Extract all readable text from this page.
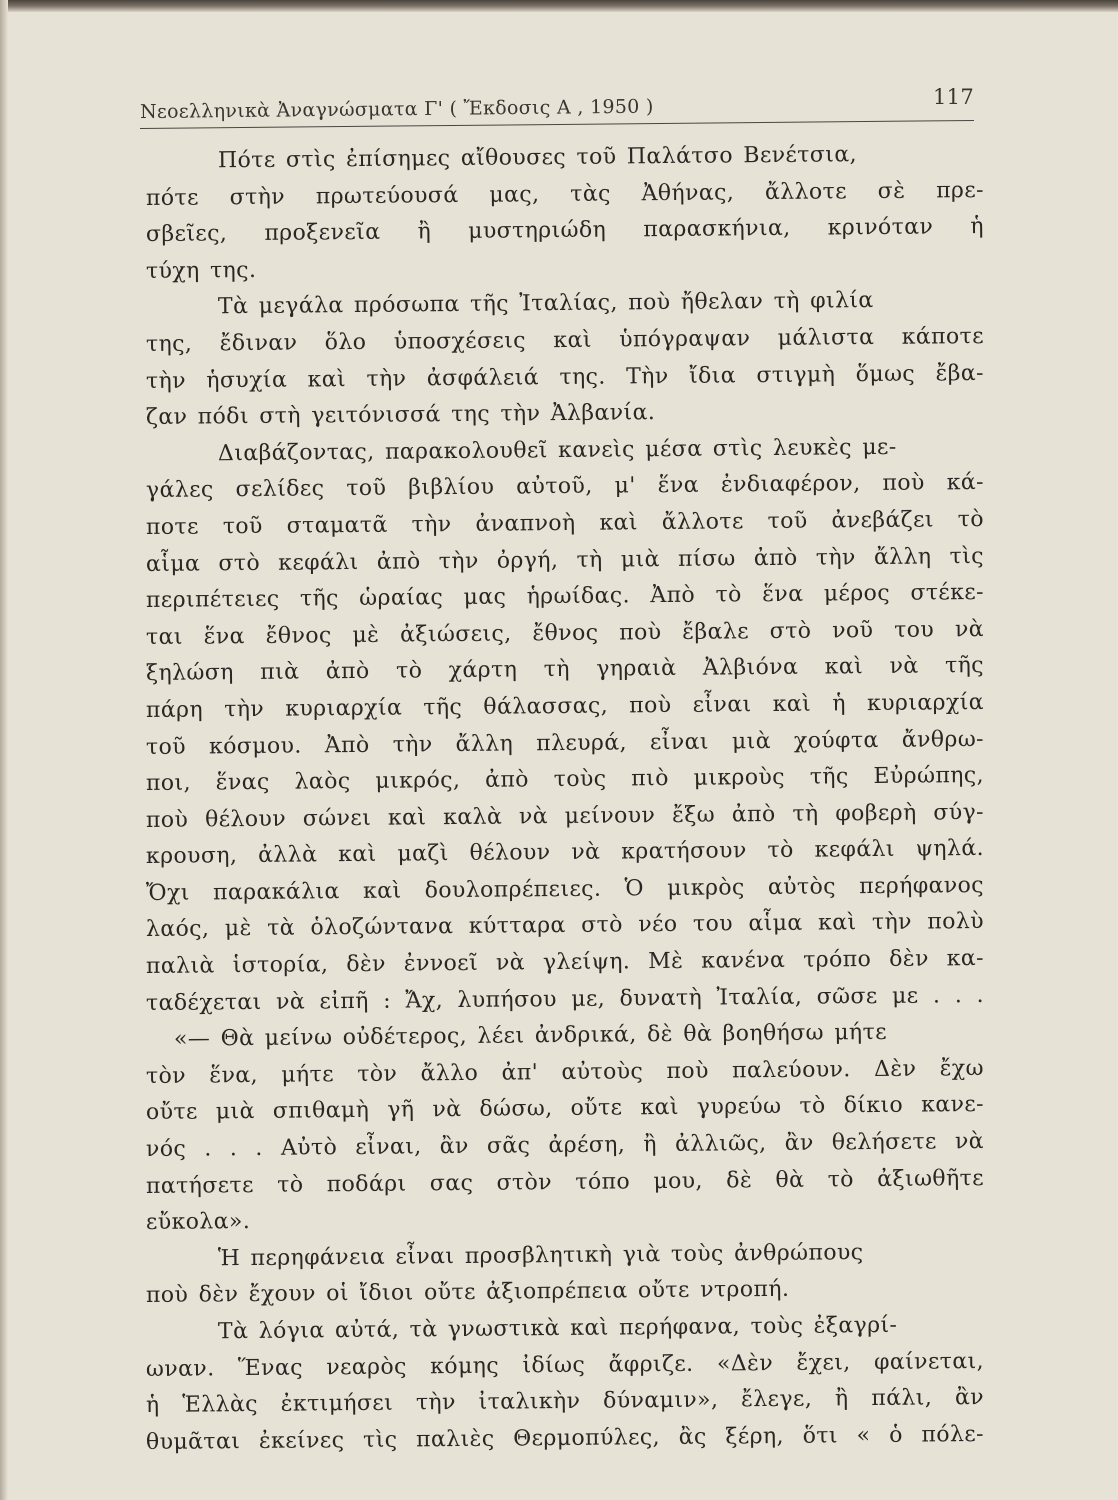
Νεοελληνικὰ Ἀναγνώσματα Γ' ( Ἔκδοσις Α , 1950 )	117
Πότε στὶς ἐπίσημες αἴθουσες τοῦ Παλάτσο Βενέτσια,
πότε στὴν πρωτεύουσά μας, τὰς Ἀθήνας, ἄλλοτε σὲ πρε-
σβεῖες, προξενεῖα ἢ μυστηριώδη παρασκήνια, κρινόταν ἡ
τύχη της.
Τὰ μεγάλα πρόσωπα τῆς Ἰταλίας, ποὺ ἤθελαν τὴ φιλία
της, ἔδιναν ὅλο ὑποσχέσεις καὶ ὑπόγραψαν μάλιστα κάποτε
τὴν ἡσυχία καὶ τὴν ἀσφάλειά της. Τὴν ἴδια στιγμὴ ὅμως ἔβα-
ζαν πόδι στὴ γειτόνισσά της τὴν Ἀλβανία.
Διαβάζοντας, παρακολουθεῖ κανεὶς μέσα στὶς λευκὲς με-
γάλες σελίδες τοῦ βιβλίου αὐτοῦ, μ' ἕνα ἐνδιαφέρον, ποὺ κά-
ποτε τοῦ σταματᾶ τὴν ἀναπνοὴ καὶ ἄλλοτε τοῦ ἀνεβάζει τὸ
αἷμα στὸ κεφάλι ἀπὸ τὴν ὀργή, τὴ μιὰ πίσω ἀπὸ τὴν ἄλλη τὶς
περιπέτειες τῆς ὡραίας μας ἡρωίδας. Ἀπὸ τὸ ἕνα μέρος στέκε-
ται ἕνα ἔθνος μὲ ἀξιώσεις, ἔθνος ποὺ ἔβαλε στὸ νοῦ του νὰ
ξηλώση πιὰ ἀπὸ τὸ χάρτη τὴ γηραιὰ Ἀλβιόνα καὶ νὰ τῆς
πάρη τὴν κυριαρχία τῆς θάλασσας, ποὺ εἶναι καὶ ἡ κυριαρχία
τοῦ κόσμου. Ἀπὸ τὴν ἄλλη πλευρά, εἶναι μιὰ χούφτα ἄνθρω-
ποι, ἕνας λαὸς μικρός, ἀπὸ τοὺς πιὸ μικροὺς τῆς Εὐρώπης,
ποὺ θέλουν σώνει καὶ καλὰ νὰ μείνουν ἔξω ἀπὸ τὴ φοβερὴ σύγ-
κρουση, ἀλλὰ καὶ μαζὶ θέλουν νὰ κρατήσουν τὸ κεφάλι ψηλά.
Ὄχι παρακάλια καὶ δουλοπρέπειες. Ὁ μικρὸς αὐτὸς περήφανος
λαός, μὲ τὰ ὁλοζώντανα κύτταρα στὸ νέο του αἷμα καὶ τὴν πολὺ
παλιὰ ἱστορία, δὲν ἐννοεῖ νὰ γλείψη. Μὲ κανένα τρόπο δὲν κα-
ταδέχεται νὰ εἰπῆ : Ἄχ, λυπήσου με, δυνατὴ Ἰταλία, σῶσε με . . .
«— Θὰ μείνω οὐδέτερος, λέει ἀνδρικά, δὲ θὰ βοηθήσω μήτε
τὸν ἕνα, μήτε τὸν ἄλλο ἀπ' αὐτοὺς ποὺ παλεύουν. Δὲν ἔχω
οὔτε μιὰ σπιθαμὴ γῆ νὰ δώσω, οὔτε καὶ γυρεύω τὸ δίκιο κανε-
νός . . . Αὐτὸ εἶναι, ἂν σᾶς ἀρέση, ἢ ἀλλιῶς, ἂν θελήσετε νὰ
πατήσετε τὸ ποδάρι σας στὸν τόπο μου, δὲ θὰ τὸ ἀξιωθῆτε
εὔκολα».
Ἡ περηφάνεια εἶναι προσβλητικὴ γιὰ τοὺς ἀνθρώπους
ποὺ δὲν ἔχουν οἱ ἴδιοι οὔτε ἀξιοπρέπεια οὔτε ντροπή.
Τὰ λόγια αὐτά, τὰ γνωστικὰ καὶ περήφανα, τοὺς ἐξαγρί-
ωναν. Ἕνας νεαρὸς κόμης ἰδίως ἄφριζε. «Δὲν ἔχει, φαίνεται,
ἡ Ἑλλὰς ἐκτιμήσει τὴν ἰταλικὴν δύναμιν», ἔλεγε, ἢ πάλι, ἂν
θυμᾶται ἐκείνες τὶς παλιὲς Θερμοπύλες, ἂς ξέρη, ὅτι « ὁ πόλε-
